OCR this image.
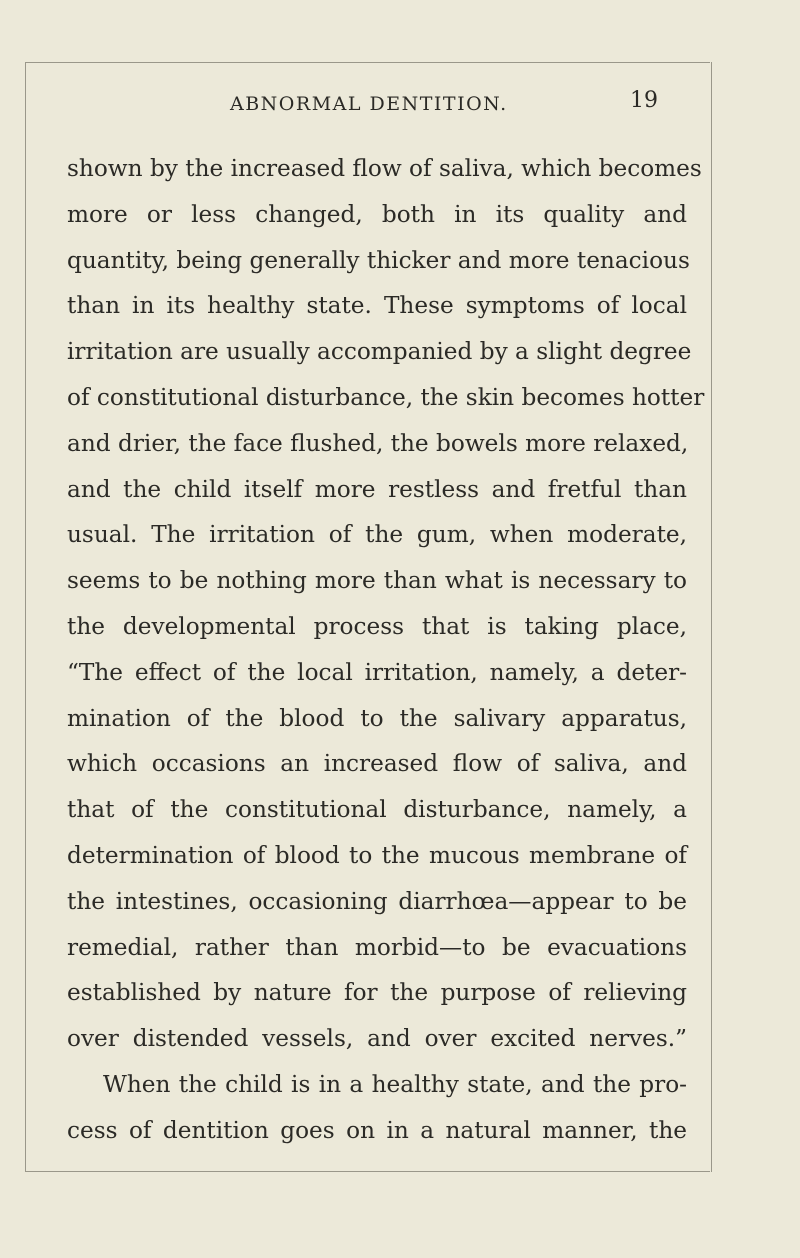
ABNORMAL DENTITION.	19
shown by the increased flow of saliva, which becomes
more or less changed, both in its quality and
quantity, being generally thicker and more tenacious
than in its healthy state. These symptoms of local
irritation are usually accompanied by a slight degree
of constitutional disturbance, the skin becomes hotter
and drier, the face flushed, the bowels more relaxed,
and the child itself more restless and fretful than
usual. The irritation of the gum, when moderate,
seems to be nothing more than what is necessary to
the developmental process that is taking place,
“The effect of the local irritation, namely, a deter-
mination of the blood to the salivary apparatus,
which occasions an increased flow of saliva, and
that of the constitutional disturbance, namely, a
determination of blood to the mucous membrane of
the intestines, occasioning diarrhœa—appear to be
remedial, rather than morbid—to be evacuations
established by nature for the purpose of relieving
over distended vessels, and over excited nerves.”
When the child is in a healthy state, and the pro-
cess of dentition goes on in a natural manner, the
